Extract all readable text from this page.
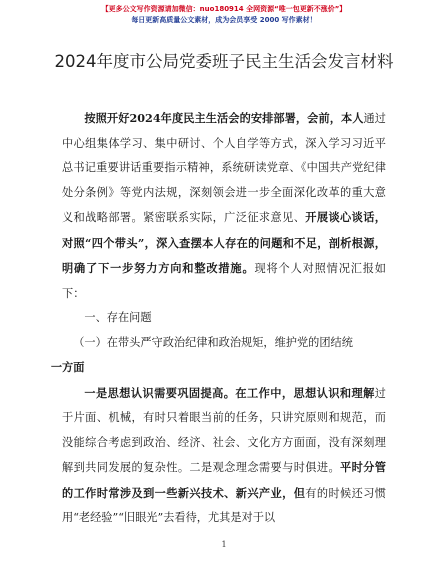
【更多公文写作资源请加微信：nuo180914 全网资源“唯一包更新不涨价”】
每日更新高质量公文素材，成为会员享受 2000 写作素材！
2024年度市公局党委班子民主生活会发言材料

按照开好2024年度民主生活会的安排部署，会前，本人通过中心组集体学习、集中研讨、个人自学等方式，深入学习习近平总书记重要讲话重要指示精神，系统研读党章、《中国共产党纪律处分条例》等党内法规，深刻领会进一步全面深化改革的重大意义和战略部署。紧密联系实际，广泛征求意见、开展谈心谈话，对照“四个带头”，深入查摆本人存在的问题和不足，剖析根源，明确了下一步努力方向和整改措施。现将个人对照情况汇报如下：

一、存在问题

（一）在带头严守政治纪律和政治规矩，维护党的团结统
一方面

一是思想认识需要巩固提高。在工作中，思想认识和理解过于片面、机械，有时只着眼当前的任务，只讲究原则和规范，而没能综合考虑到政治、经济、社会、文化方方面面，没有深刻理解到共同发展的复杂性。二是观念理念需要与时俱进。平时分管的工作时常涉及到一些新兴技术、新兴产业，但有的时候还习惯用“老经验”“旧眼光”去看待，尤其是对于以

1
